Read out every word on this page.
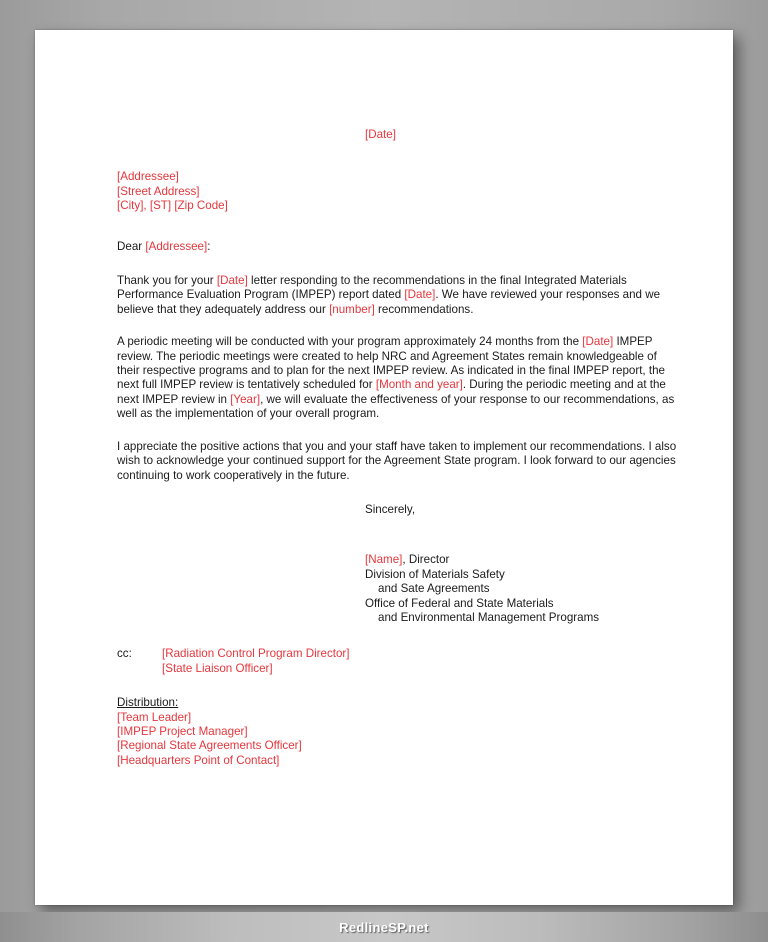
[Date]
[Addressee]
[Street Address]
[City], [ST] [Zip Code]
Dear [Addressee]:
Thank you for your [Date] letter responding to the recommendations in the final Integrated Materials Performance Evaluation Program (IMPEP) report dated [Date]. We have reviewed your responses and we believe that they adequately address our [number] recommendations.
A periodic meeting will be conducted with your program approximately 24 months from the [Date] IMPEP review. The periodic meetings were created to help NRC and Agreement States remain knowledgeable of their respective programs and to plan for the next IMPEP review. As indicated in the final IMPEP report, the next full IMPEP review is tentatively scheduled for [Month and year]. During the periodic meeting and at the next IMPEP review in [Year], we will evaluate the effectiveness of your response to our recommendations, as well as the implementation of your overall program.
I appreciate the positive actions that you and your staff have taken to implement our recommendations. I also wish to acknowledge your continued support for the Agreement State program. I look forward to our agencies continuing to work cooperatively in the future.
Sincerely,
[Name], Director
Division of Materials Safety
and Sate Agreements
Office of Federal and State Materials
and Environmental Management Programs
cc:	[Radiation Control Program Director]
[State Liaison Officer]
Distribution:
[Team Leader]
[IMPEP Project Manager]
[Regional State Agreements Officer]
[Headquarters Point of Contact]
RedlineSP.net
